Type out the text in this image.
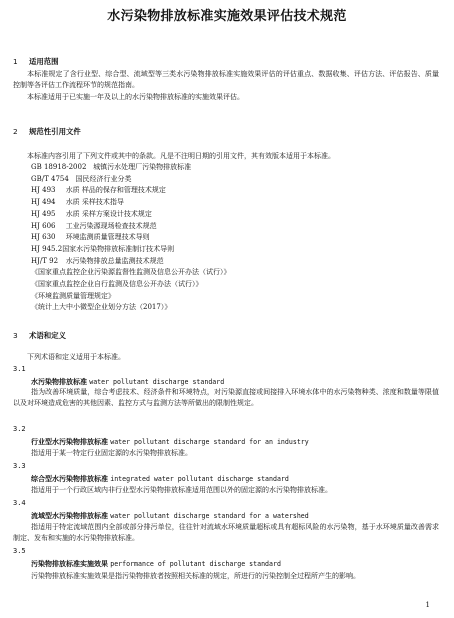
水污染物排放标准实施效果评估技术规范
1 适用范围
本标准规定了含行业型、综合型、流域型等三类水污染物排放标准实施效果评估的评估重点、数据收集、评估方法、评估报告、质量控制等各评估工作流程环节的规范指南。
本标准适用于已实施一年及以上的水污染物排放标准的实施效果评估。
2 规范性引用文件
本标准内容引用了下列文件或其中的条款。凡是不注明日期的引用文件，其有效版本适用于本标准。
GB 18918-2002 城镇污水处理厂污染物排放标准
GB/T 4754 国民经济行业分类
HJ 493 水质 样品的保存和管理技术规定
HJ 494 水质 采样技术指导
HJ 495 水质 采样方案设计技术规定
HJ 606 工业污染源现场检查技术规范
HJ 630 环境监测质量管理技术导则
HJ 945.2国家水污染物排放标准制订技术导则
HJ/T 92 水污染物排放总量监测技术规范
《国家重点监控企业污染源监督性监测及信息公开办法（试行）》
《国家重点监控企业自行监测及信息公开办法（试行）》
《环境监测质量管理规定》
《统计上大中小微型企业划分方法（2017）》
3 术语和定义
下列术语和定义适用于本标准。
3.1
水污染物排放标准 water pollutant discharge standard
指为改善环境质量，综合考虑技术、经济条件和环境特点，对污染源直接或间接排入环境水体中的水污染物种类、浓度和数量等限值以及对环境造成危害的其他因素、监控方式与监测方法等所做出的限制性规定。
3.2
行业型水污染物排放标准 water pollutant discharge standard for an industry
指适用于某一特定行业固定源的水污染物排放标准。
3.3
综合型水污染物排放标准 integrated water pollutant discharge standard
指适用于一个行政区域内非行业型水污染物排放标准适用范围以外的固定源的水污染物排放标准。
3.4
流域型水污染物排放标准 water pollutant discharge standard for a watershed
指适用于特定流域范围内全部或部分排污单位，往往针对流域水环境质量超标或具有超标风险的水污染物，基于水环境质量改善需求制定、发布和实施的水污染物排放标准。
3.5
污染物排放标准实施效果 performance of pollutant discharge standard
污染物排放标准实施效果是指污染物排放者按照相关标准的规定，所进行的污染控制全过程所产生的影响。
1
